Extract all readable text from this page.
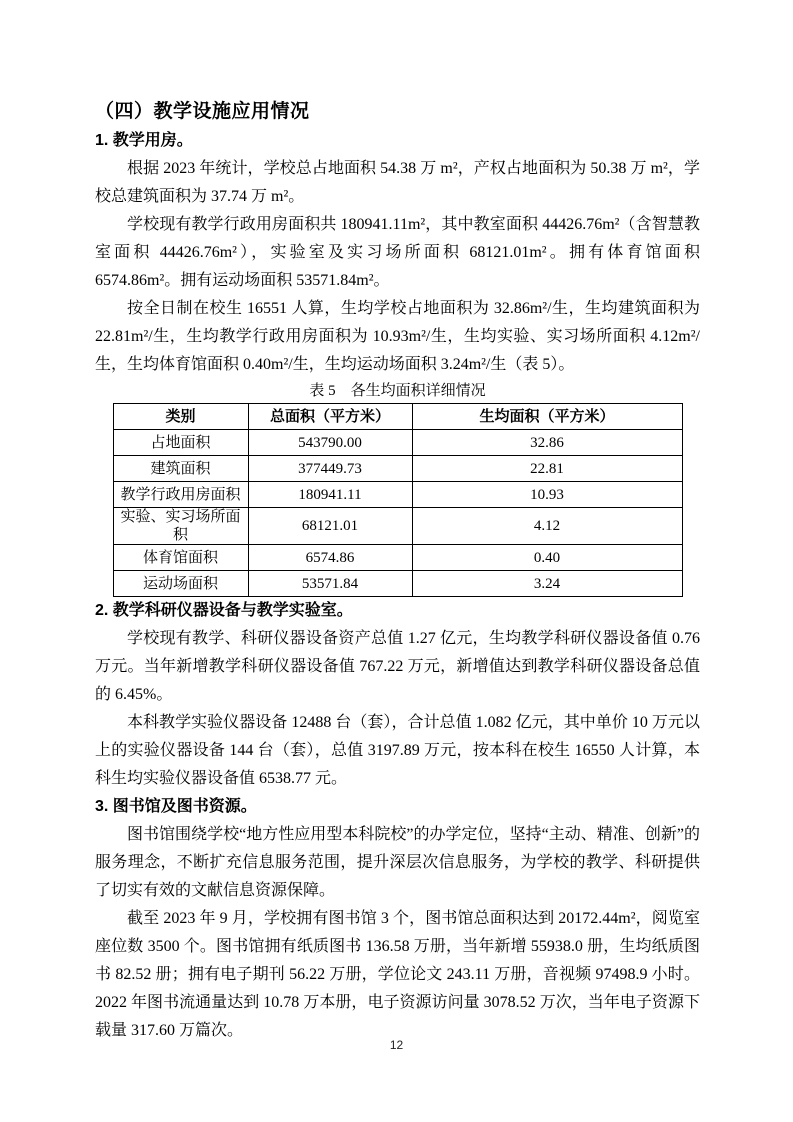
（四）教学设施应用情况
1. 教学用房。

根据 2023 年统计，学校总占地面积 54.38 万 m²，产权占地面积为 50.38 万 m²，学校总建筑面积为 37.74 万 m²。

学校现有教学行政用房面积共 180941.11m²，其中教室面积 44426.76m²（含智慧教室面积 44426.76m²），实验室及实习场所面积 68121.01m²。拥有体育馆面积 6574.86m²。拥有运动场面积 53571.84m²。

按全日制在校生 16551 人算，生均学校占地面积为 32.86m²/生，生均建筑面积为22.81m²/生，生均教学行政用房面积为 10.93m²/生，生均实验、实习场所面积 4.12m²/生，生均体育馆面积 0.40m²/生，生均运动场面积 3.24m²/生（表 5）。

表 5　各生均面积详细情况
类别	总面积（平方米）	生均面积（平方米）
占地面积	543790.00	32.86
建筑面积	377449.73	22.81
教学行政用房面积	180941.11	10.93
实验、实习场所面积	68121.01	4.12
体育馆面积	6574.86	0.40
运动场面积	53571.84	3.24
2. 教学科研仪器设备与教学实验室。

学校现有教学、科研仪器设备资产总值 1.27 亿元，生均教学科研仪器设备值 0.76 万元。当年新增教学科研仪器设备值 767.22 万元，新增值达到教学科研仪器设备总值的 6.45%。

本科教学实验仪器设备 12488 台（套），合计总值 1.082 亿元，其中单价 10 万元以上的实验仪器设备 144 台（套），总值 3197.89 万元，按本科在校生 16550 人计算，本科生均实验仪器设备值 6538.77 元。

3. 图书馆及图书资源。

图书馆围绕学校“地方性应用型本科院校”的办学定位，坚持“主动、精准、创新”的服务理念，不断扩充信息服务范围，提升深层次信息服务，为学校的教学、科研提供了切实有效的文献信息资源保障。

截至 2023 年 9 月，学校拥有图书馆 3 个，图书馆总面积达到 20172.44m²，阅览室座位数 3500 个。图书馆拥有纸质图书 136.58 万册，当年新增 55938.0 册，生均纸质图书 82.52 册；拥有电子期刊 56.22 万册，学位论文 243.11 万册，音视频 97498.9 小时。2022 年图书流通量达到 10.78 万本册，电子资源访问量 3078.52 万次，当年电子资源下载量 317.60 万篇次。

12
